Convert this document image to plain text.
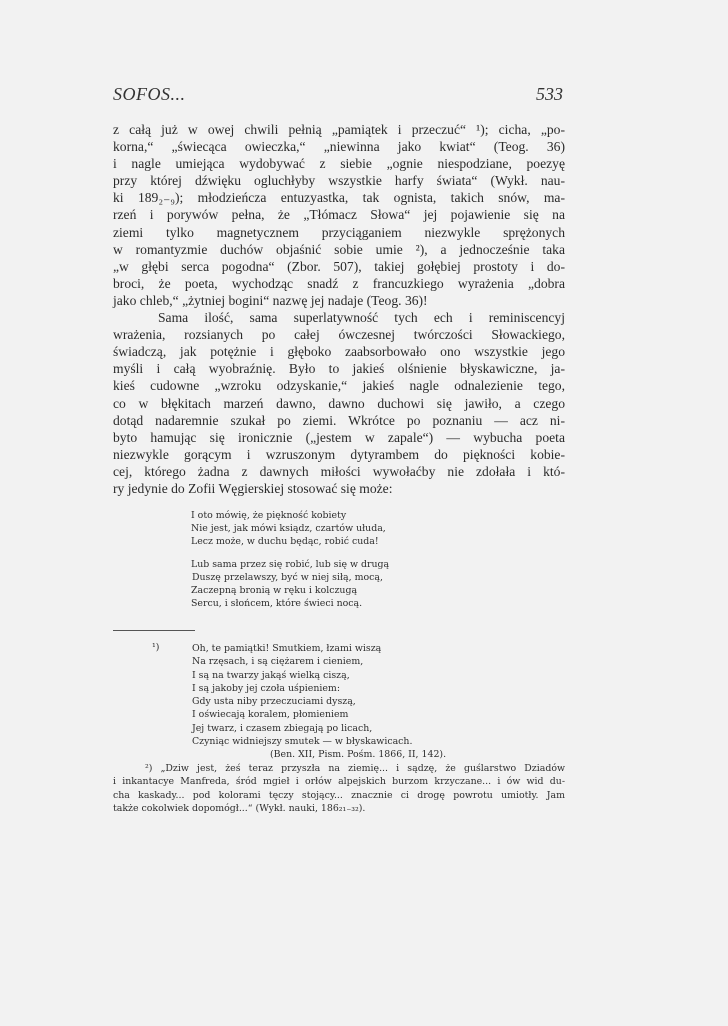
SOFOS...	533
z całą już w owej chwili pełnią „pamiątek i przeczuć“ ¹); cicha, „po-
korna,“ „świecąca owieczka,“ „niewinna jako kwiat“ (Teog. 36)
i nagle umiejąca wydobywać z siebie „ognie niespodziane, poezyę
przy której dźwięku ogluchłyby wszystkie harfy świata“ (Wykł. nau-
ki 189₂₋₉); młodzieńcza entuzyastka, tak ognista, takich snów, ma-
rzeń i porywów pełna, że „Tłómacz Słowa“ jej pojawienie się na
ziemi tylko magnetycznem przyciąganiem niezwykle sprężonych
w romantyzmie duchów objaśnić sobie umie ²), a jednocześnie taka
„w głębi serca pogodna“ (Zbor. 507), takiej gołębiej prostoty i do-
broci, że poeta, wychodząc snadź z francuzkiego wyrażenia „dobra
jako chleb,“ „żytniej bogini“ nazwę jej nadaje (Teog. 36)!
Sama ilość, sama superlatywność tych ech i reminiscencyj
wrażenia, rozsianych po całej ówczesnej twórczości Słowackiego,
świadczą, jak potężnie i głęboko zaabsorbowało ono wszystkie jego
myśli i całą wyobraźnię. Było to jakieś olśnienie błyskawiczne, ja-
kieś cudowne „wzroku odzyskanie,“ jakieś nagle odnalezienie tego,
co w błękitach marzeń dawno, dawno duchowi się jawiło, a czego
dotąd nadaremnie szukał po ziemi. Wkrótce po poznaniu — acz ni-
byto hamując się ironicznie („jestem w zapale“) — wybucha poeta
niezwykle gorącym i wzruszonym dytyrambem do piękności kobie-
cej, którego żadna z dawnych miłości wywołaćby nie zdołała i któ-
ry jedynie do Zofii Węgierskiej stosować się może:
I oto mówię, że piękność kobiety
Nie jest, jak mówi ksiądz, czartów ułuda,
Lecz może, w duchu będąc, robić cuda!
Lub sama przez się robić, lub się w drugą
Duszę przelawszy, być w niej siłą, mocą,
Zaczepną bronią w ręku i kolczugą
Sercu, i słońcem, które świeci nocą.
¹)	Oh, te pamiątki! Smutkiem, łzami wiszą
Na rzęsach, i są ciężarem i cieniem,
I są na twarzy jakąś wielką ciszą,
I są jakoby jej czoła uśpieniem:
Gdy usta niby przeczuciami dyszą,
I oświecają koralem, płomieniem
Jej twarz, i czasem zbiegają po licach,
Czyniąc widniejszy smutek — w błyskawicach.
(Ben. XII, Pism. Pośm. 1866, II, 142).
²) „Dziw jest, żeś teraz przyszła na ziemię... i sądzę, że guślarstwo Dziadów
i inkantacye Manfreda, śród mgieł i orłów alpejskich burzom krzyczane... i ów wid du-
cha kaskady... pod kolorami tęczy stojący... znacznie ci drogę powrotu umiotły. Jam
także cokolwiek dopomógł...“ (Wykł. nauki, 186₂₁₋₃₂).
